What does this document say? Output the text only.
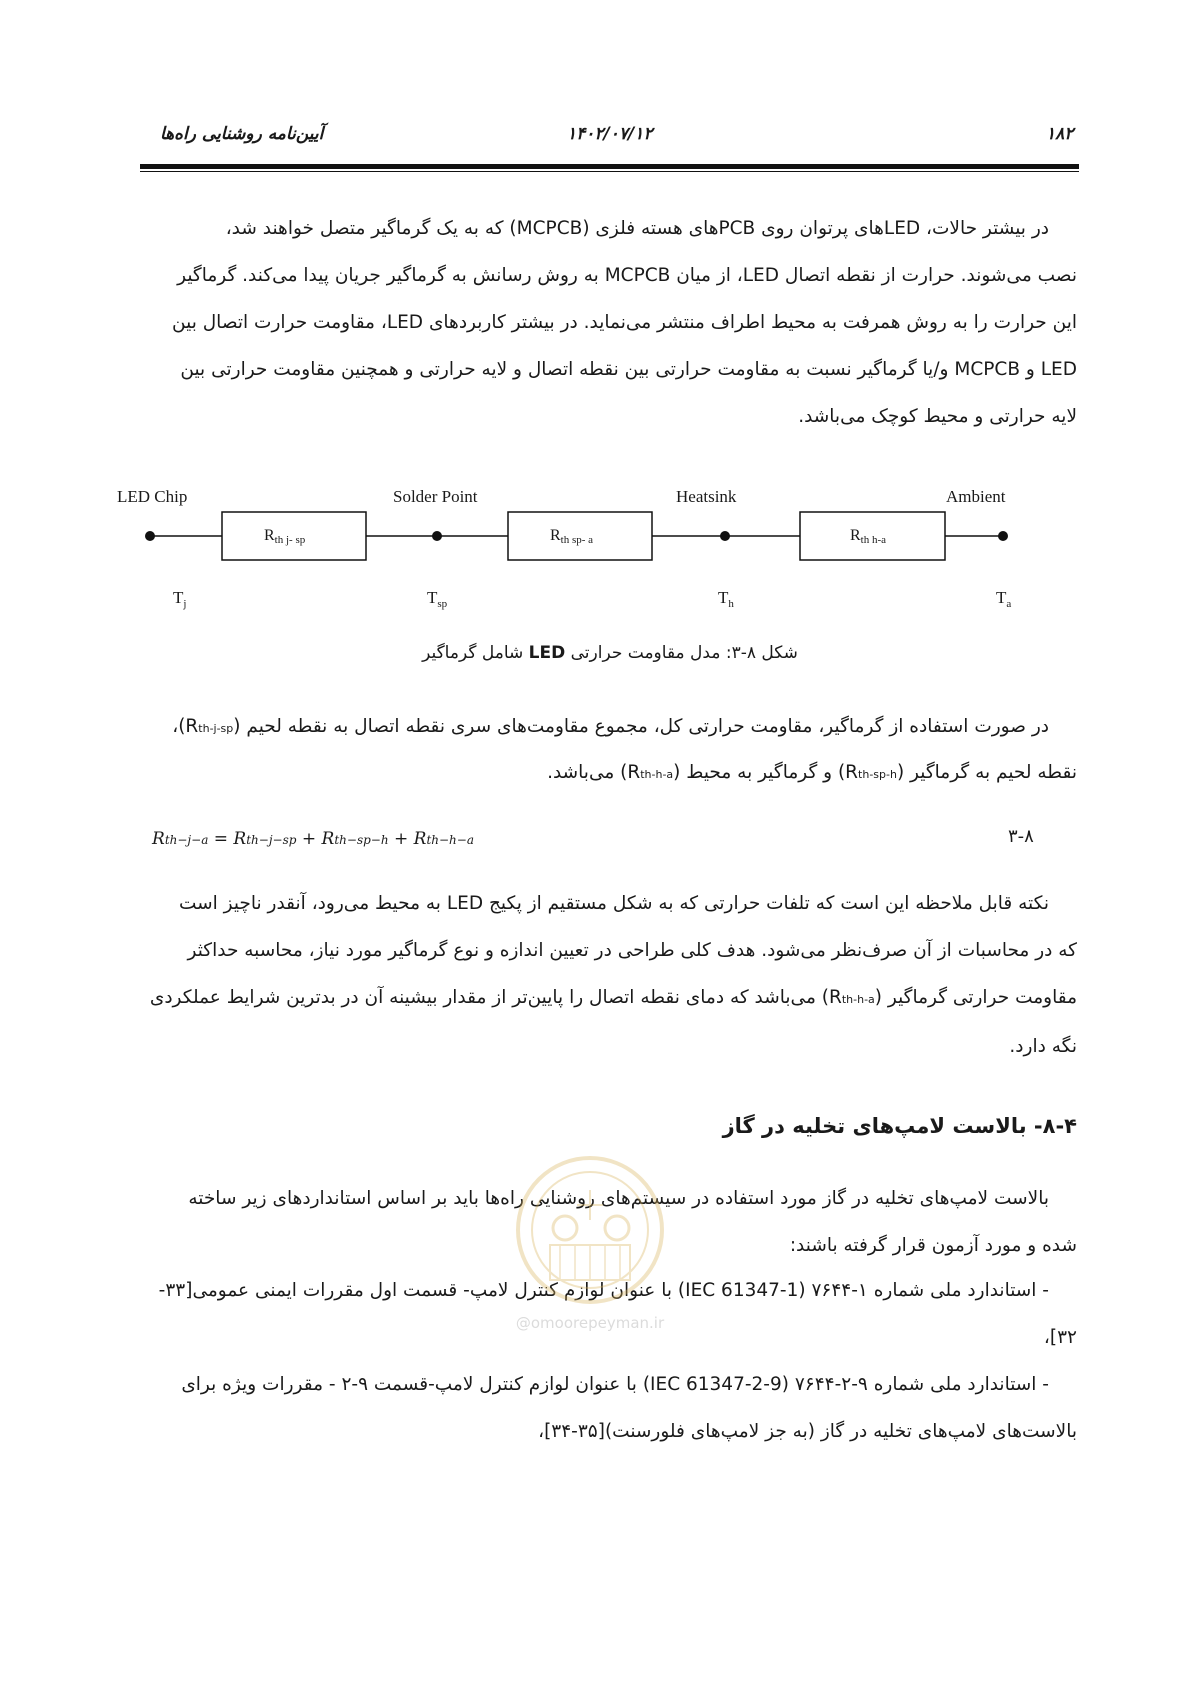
۱۸۲
۱۴۰۲/۰۷/۱۲
آیین‌نامه روشنایی راه‌ها
در بیشتر حالات، LEDهای پرتوان روی PCBهای هسته فلزی (MCPCB) که به یک گرماگیر متصل خواهند شد،
نصب می‌شوند. حرارت از نقطه اتصال LED، از میان MCPCB به روش رسانش به گرماگیر جریان پیدا می‌کند. گرماگیر
این حرارت را به روش همرفت به محیط اطراف منتشر می‌نماید. در بیشتر کاربردهای LED، مقاومت حرارت اتصال بین
LED و MCPCB و/یا گرماگیر نسبت به مقاومت حرارتی بین نقطه اتصال و لایه حرارتی و همچنین مقاومت حرارتی بین
لایه حرارتی و محیط کوچک می‌باشد.
LED Chip	Solder Point	Heatsink	Ambient
Rth j- sp	Rth sp- a	Rth h-a
$T_j$	$T_{sp}$	$T_h$	$T_a$
شکل ۸-۳: مدل مقاومت حرارتی LED شامل گرماگیر
در صورت استفاده از گرماگیر، مقاومت حرارتی کل، مجموع مقاومت‌های سری نقطه اتصال به نقطه لحیم (Rth-j-sp)،
نقطه لحیم به گرماگیر (Rth-sp-h) و گرماگیر به محیط (Rth-h-a) می‌باشد.
Rth−j−a = Rth−j−sp + Rth−sp−h + Rth−h−a	۳-۸
نکته قابل ملاحظه این است که تلفات حرارتی که به شکل مستقیم از پکیج LED به محیط می‌رود، آنقدر ناچیز است
که در محاسبات از آن صرف‌نظر می‌شود. هدف کلی طراحی در تعیین اندازه و نوع گرماگیر مورد نیاز، محاسبه حداکثر
مقاومت حرارتی گرماگیر (Rth-h-a) می‌باشد که دمای نقطه اتصال را پایین‌تر از مقدار بیشینه آن در بدترین شرایط عملکردی
نگه دارد.
۸-۴- بالاست لامپ‌های تخلیه در گاز
بالاست لامپ‌های تخلیه در گاز مورد استفاده در سیستم‌های روشنایی راه‌ها باید بر اساس استانداردهای زیر ساخته
شده و مورد آزمون قرار گرفته باشند:
- استاندارد ملی شماره ۱-۷۶۴۴ (IEC 61347-1) با عنوان لوازم کنترل لامپ- قسمت اول مقررات ایمنی عمومی[۳۳-
۳۲]،
- استاندارد ملی شماره ۹-۲-۷۶۴۴ (IEC 61347-2-9) با عنوان لوازم کنترل لامپ-قسمت ۹-۲ - مقررات ویژه برای
بالاست‌های لامپ‌های تخلیه در گاز (به جز لامپ‌های فلورسنت)[۳۵-۳۴]،
@omoorepeyman.ir
